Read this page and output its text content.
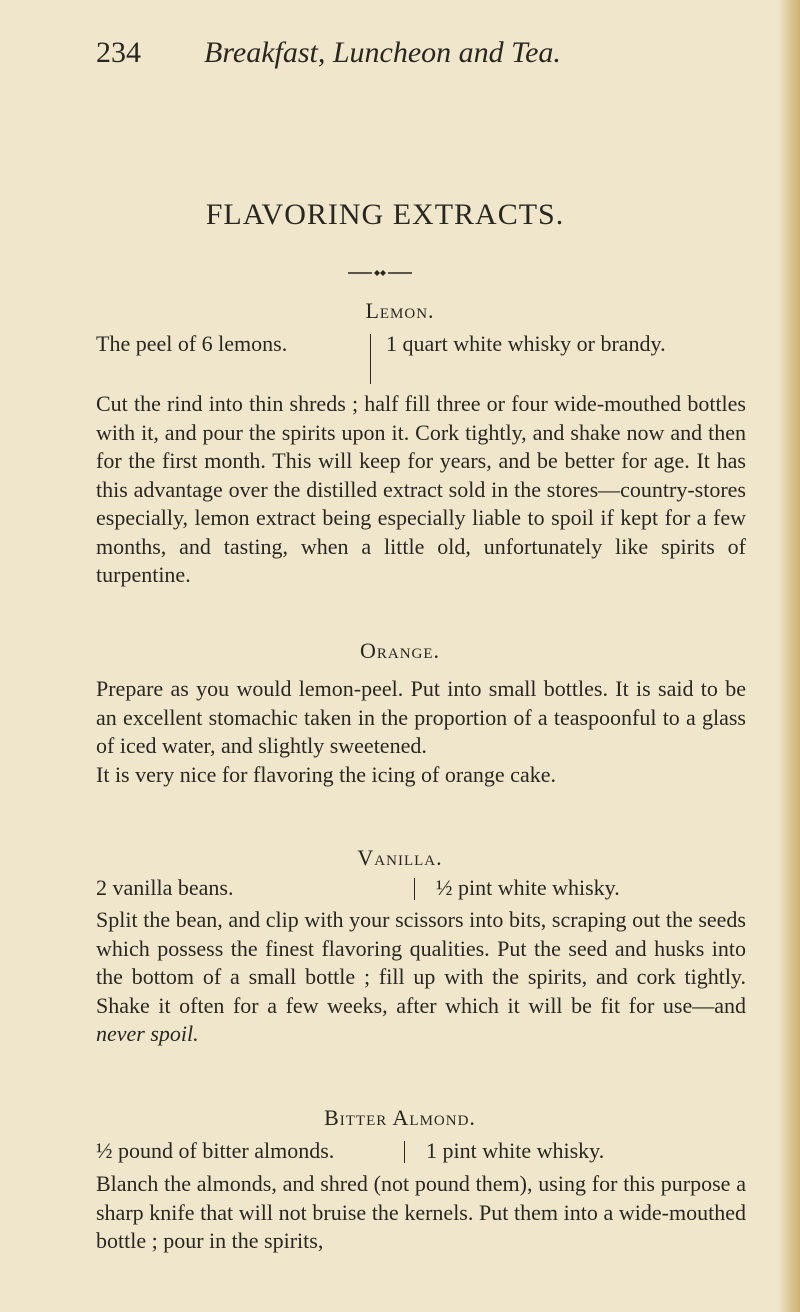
234 Breakfast, Luncheon and Tea.
FLAVORING EXTRACTS.
Lemon.
The peel of 6 lemons.	1 quart white whisky or brandy.

Cut the rind into thin shreds ; half fill three or four wide-mouthed bottles with it, and pour the spirits upon it. Cork tightly, and shake now and then for the first month. This will keep for years, and be better for age. It has this advantage over the distilled extract sold in the stores—country-stores especially, lemon extract being especially liable to spoil if kept for a few months, and tasting, when a little old, unfortunately like spirits of turpentine.

Orange.

Prepare as you would lemon-peel. Put into small bottles. It is said to be an excellent stomachic taken in the proportion of a teaspoonful to a glass of iced water, and slightly sweetened.

It is very nice for flavoring the icing of orange cake.

Vanilla.
2 vanilla beans.	½ pint white whisky.

Split the bean, and clip with your scissors into bits, scraping out the seeds which possess the finest flavoring qualities. Put the seed and husks into the bottom of a small bottle ; fill up with the spirits, and cork tightly. Shake it often for a few weeks, after which it will be fit for use—and never spoil.

Bitter Almond.
½ pound of bitter almonds.	1 pint white whisky.

Blanch the almonds, and shred (not pound them), using for this purpose a sharp knife that will not bruise the kernels. Put them into a wide-mouthed bottle ; pour in the spirits,
